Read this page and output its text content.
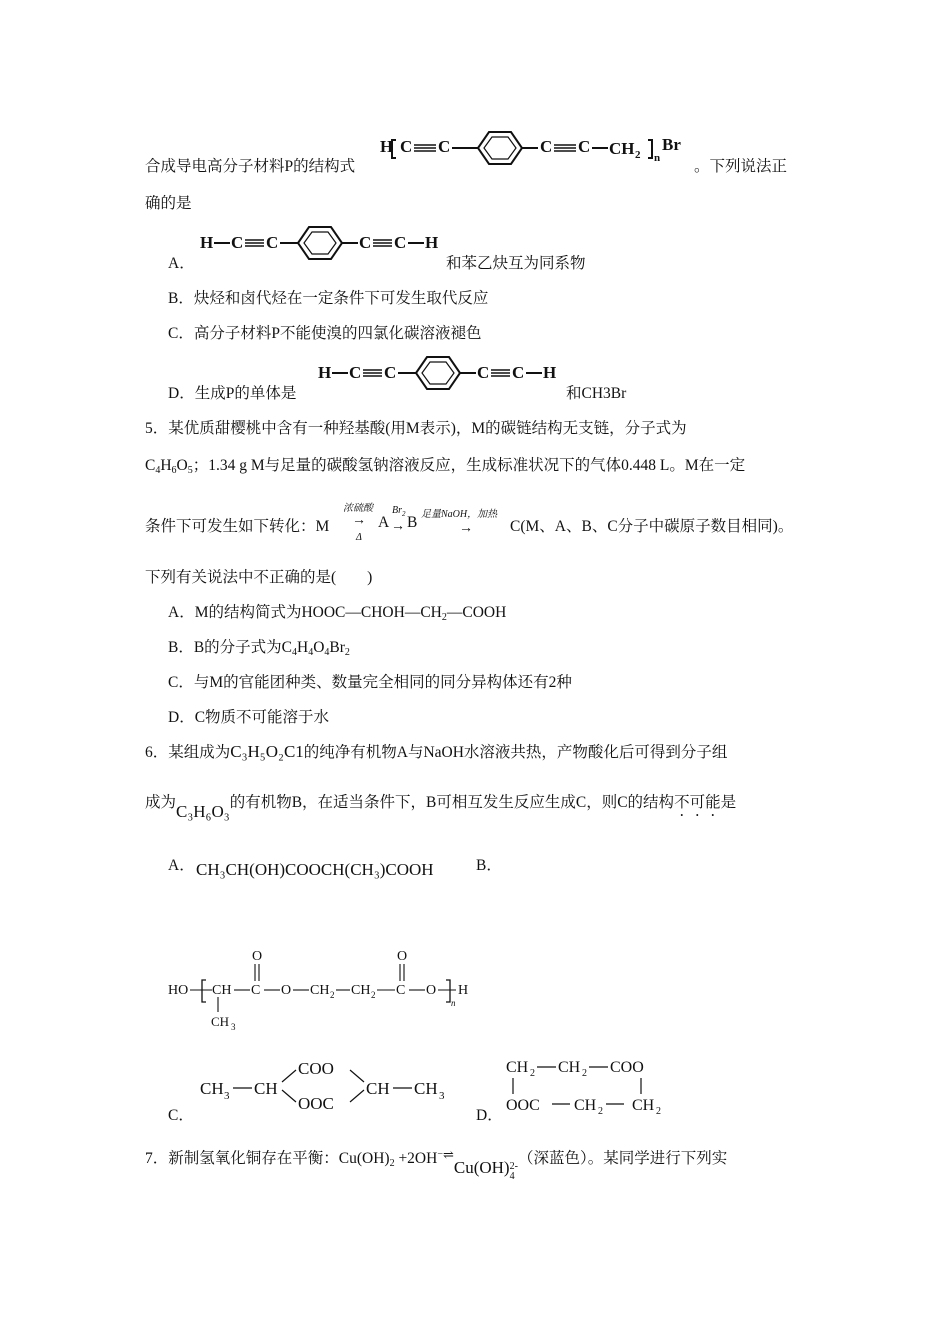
合成导电高分子材料P的结构式
H C C	C C CH 2 n
Br
。下列说法正
确的是
A．
H C C	C C H
和苯乙炔互为同系物
B．炔烃和卤代烃在一定条件下可发生取代反应
C．高分子材料P不能使溴的四氯化碳溶液褪色
D．生成P的单体是
H C C	C C H
和CH3Br
5．某优质甜樱桃中含有一种羟基酸(用M表示)，M的碳链结构无支链，分子式为
$C_4H_6O_5$；1.34 g M与足量的碳酸氢钠溶液反应，生成标准状况下的气体0.448 L。M在一定
条件下可发生如下转化：M
浓硫酸
→
Δ
A
$Br_2$
→ B 足量NaOH，加热
→ C(M、A、B、C分子中碳原子数目相同)。
下列有关说法中不正确的是(　　)
A．M的结构简式为$HOOC—CHOH—CH_2—COOH$
B．B的分子式为$C_4H_4O_4Br_2$
C．与M的官能团种类、数量完全相同的同分异构体还有2种
D．C物质不可能溶于水
6．某组成为C₃H₅O₂C1的纯净有机物A与NaOH水溶液共热，产物酸化后可得到分子组
成为C₃H₆O₃的有机物B，在适当条件下，B可相互发生反应生成C，则C的结构不可能是
A． CH₃CH(OH)COOCH(CH₃)COOH	B．
HO CH
CH 3
C
O
O CH 2 CH 2 C
O
O
n
H
C．
CH 3 CH
COO
OOC
CH CH 3
D．
CH 2 CH 2 COO
OOC CH 2 CH 2
7．新制氢氧化铜存在平衡：$Cu(OH)_2$ +2OH−⇌Cu(OH) 2-
4
（深蓝色）。某同学进行下列实
